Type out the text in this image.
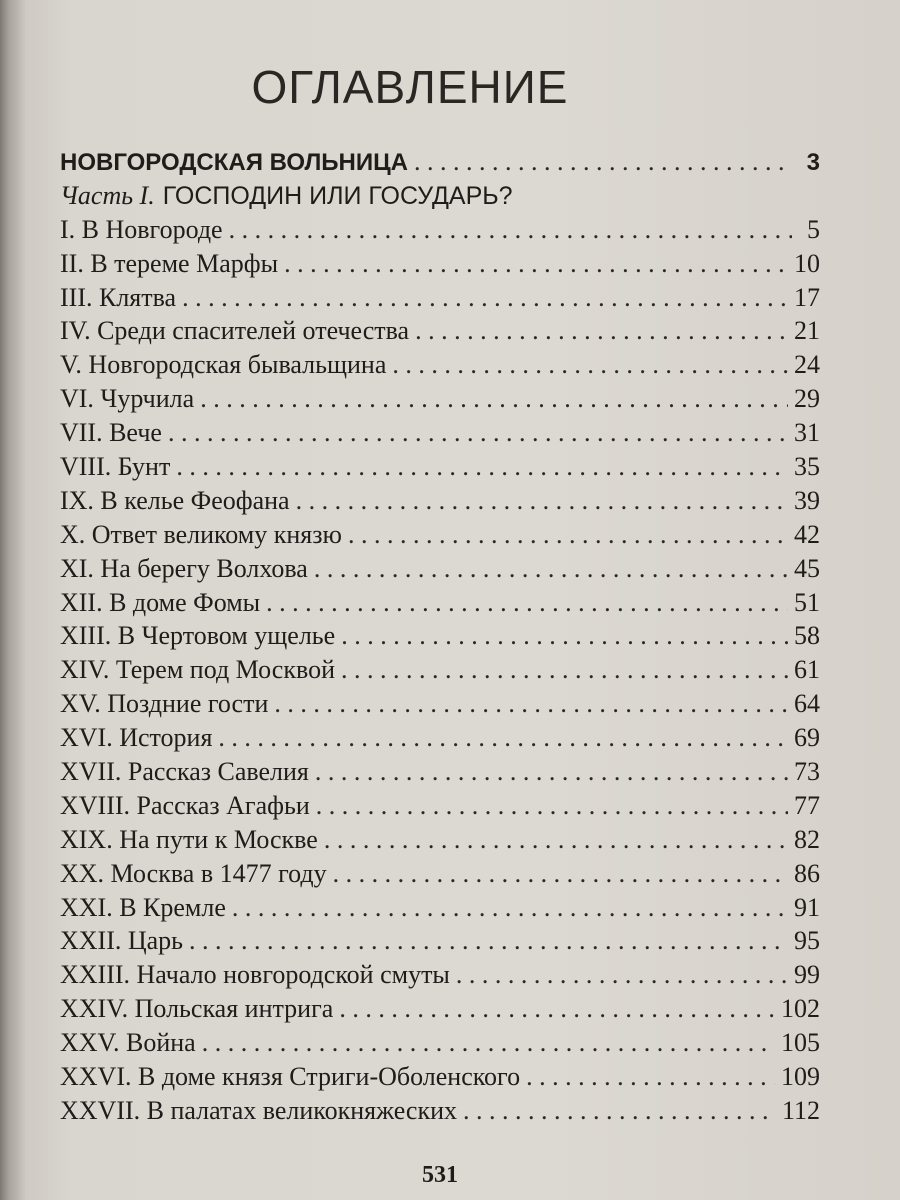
ОГЛАВЛЕНИЕ
НОВГОРОДСКАЯ ВОЛЬНИЦА . . .	3
Часть I. ГОСПОДИН ИЛИ ГОСУДАРЬ?
I. В Новгороде . . .	5
II. В тереме Марфы . . .	10
III. Клятва . . .	17
IV. Среди спасителей отечества . . .	21
V. Новгородская бывальщина . . .	24
VI. Чурчила . . .	29
VII. Вече . . .	31
VIII. Бунт . . .	35
IX. В келье Феофана . . .	39
X. Ответ великому князю . . .	42
XI. На берегу Волхова . . .	45
XII. В доме Фомы . . .	51
XIII. В Чертовом ущелье . . .	58
XIV. Терем под Москвой . . .	61
XV. Поздние гости . . .	64
XVI. История . . .	69
XVII. Рассказ Савелия . . .	73
XVIII. Рассказ Агафьи . . .	77
XIX. На пути к Москве . . .	82
XX. Москва в 1477 году . . .	86
XXI. В Кремле . . .	91
XXII. Царь . . .	95
XXIII. Начало новгородской смуты . . .	99
XXIV. Польская интрига . . .	102
XXV. Война . . .	105
XXVI. В доме князя Стриги-Оболенского . . .	109
XXVII. В палатах великокняжеских . . .	112
531
